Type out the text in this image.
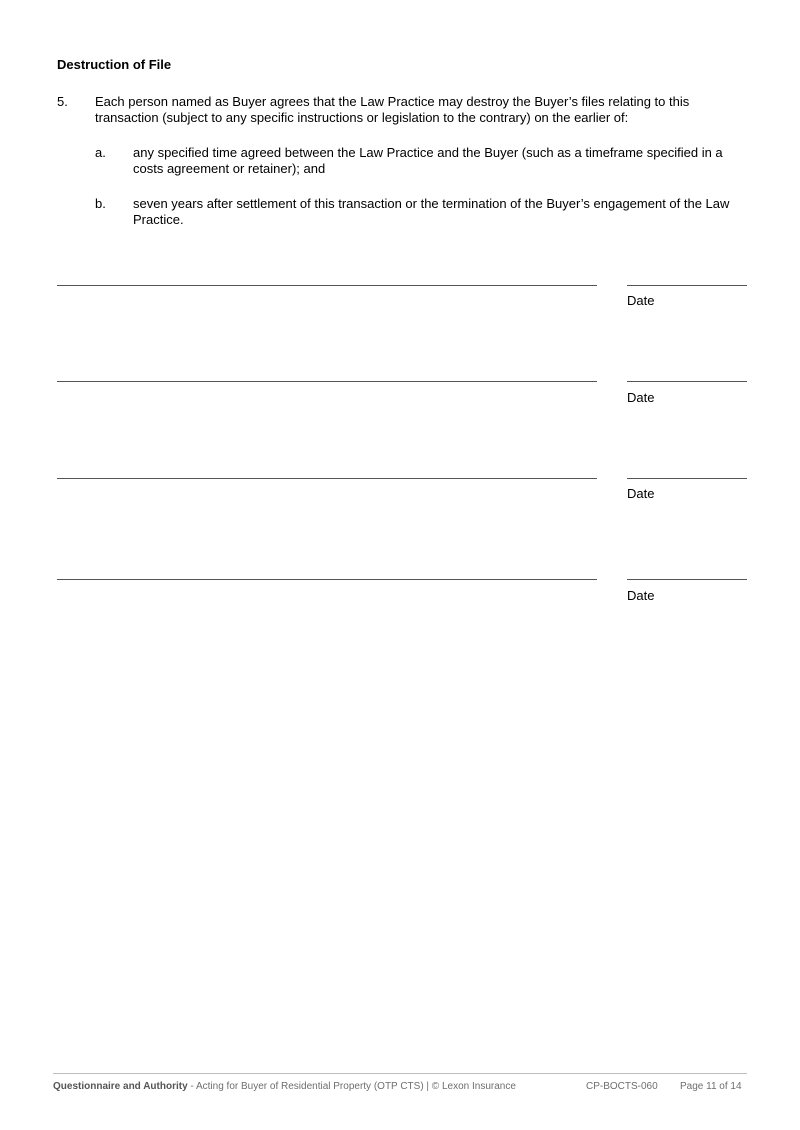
Destruction of File
5. Each person named as Buyer agrees that the Law Practice may destroy the Buyer’s files relating to this transaction (subject to any specific instructions or legislation to the contrary) on the earlier of:
a. any specified time agreed between the Law Practice and the Buyer (such as a timeframe specified in a costs agreement or retainer); and
b. seven years after settlement of this transaction or the termination of the Buyer’s engagement of the Law Practice.
Date
Date
Date
Date
Questionnaire and Authority - Acting for Buyer of Residential Property (OTP CTS) | © Lexon Insurance	CP-BOCTS-060 Page 11 of 14
